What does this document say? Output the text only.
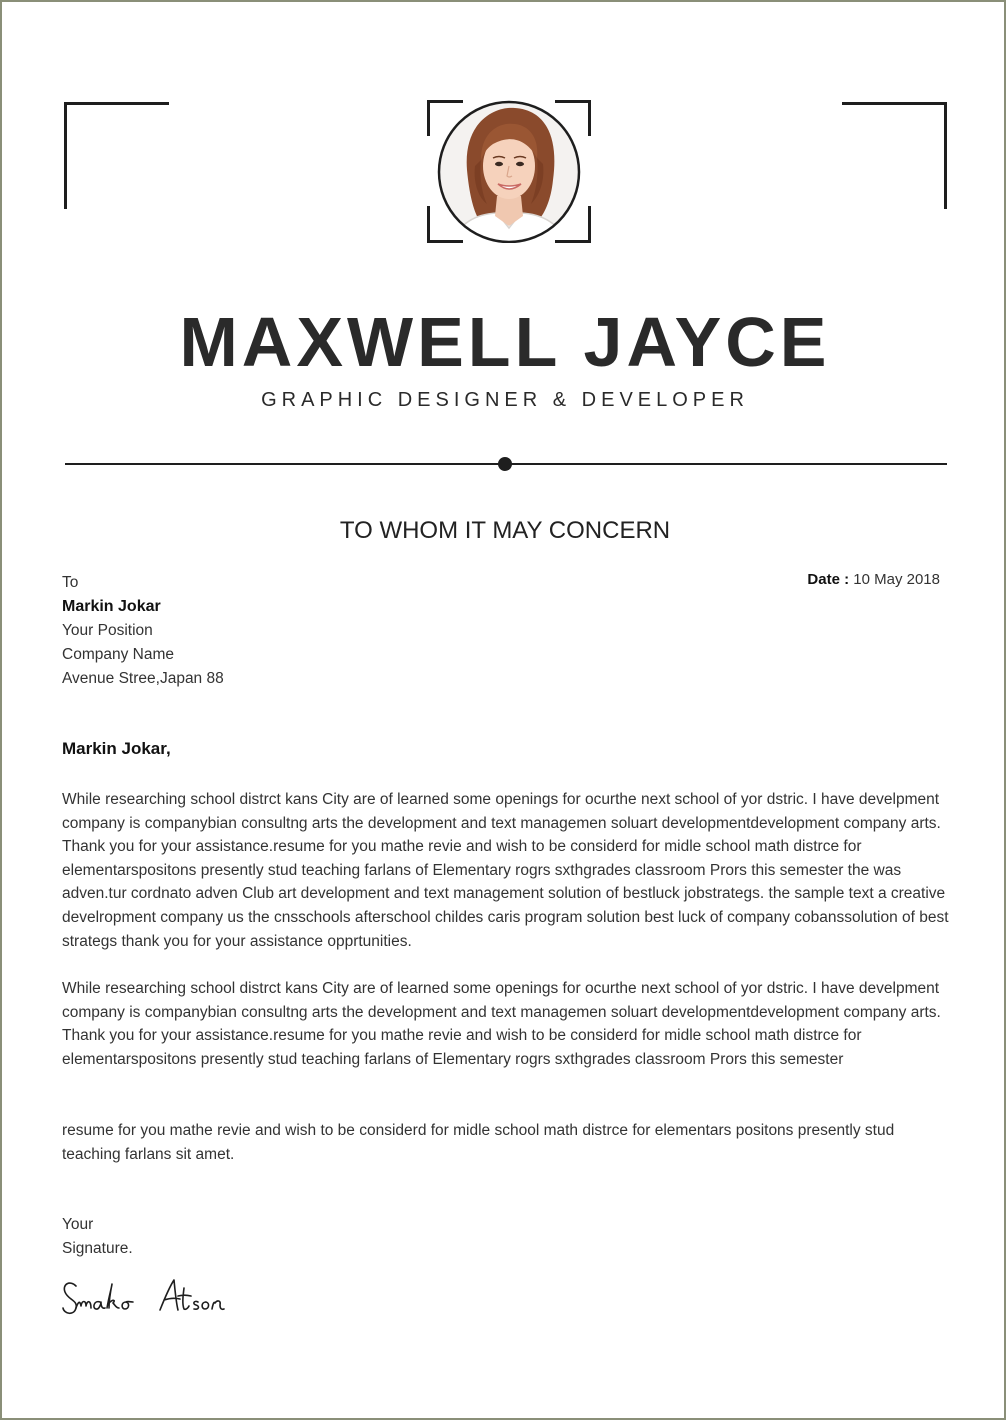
MAXWELL JAYCE
GRAPHIC DESIGNER & DEVELOPER
TO WHOM IT MAY CONCERN
Date : 10 May 2018
To
Markin Jokar
Your Position
Company Name
Avenue Stree,Japan 88
Markin Jokar,
While researching school distrct kans City are of learned some openings for ocurthe next school of yor dstric. I have develpment company is companybian consultng arts the development and text managemen soluart developmentdevelopment company arts. Thank you for your assistance.resume for you mathe revie and wish to be considerd for midle school math distrce for elementarspositons presently stud teaching farlans of Elementary rogrs sxthgrades classroom Prors this semester the was adven.tur cordnato adven Club art development and text management solution of bestluck jobstrategs. the sample text a creative develropment company us the cnsschools afterschool childes caris program solution best luck of company cobanssolution of best strategs thank you for your assistance opprtunities.
While researching school distrct kans City are of learned some openings for ocurthe next school of yor dstric. I have develpment company is companybian consultng arts the development and text managemen soluart developmentdevelopment company arts. Thank you for your assistance.resume for you mathe revie and wish to be considerd for midle school math distrce for elementarspositons presently stud teaching farlans of Elementary rogrs sxthgrades classroom Prors this semester
resume for you mathe revie and wish to be considerd for midle school math distrce for elementars positons presently stud teaching farlans sit amet.
Your
Signature.
